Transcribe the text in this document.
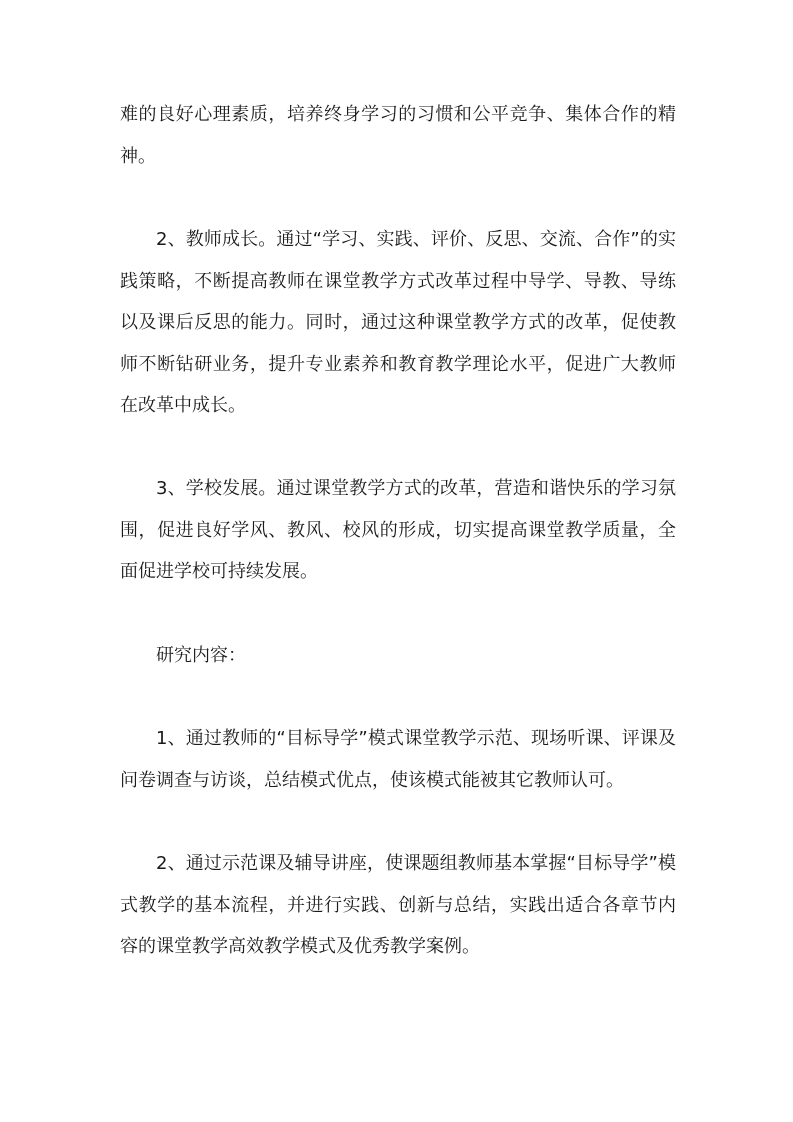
难的良好心理素质，培养终身学习的习惯和公平竞争、集体合作的精神。

2、教师成长。通过“学习、实践、评价、反思、交流、合作”的实践策略，不断提高教师在课堂教学方式改革过程中导学、导教、导练以及课后反思的能力。同时，通过这种课堂教学方式的改革，促使教师不断钻研业务，提升专业素养和教育教学理论水平，促进广大教师在改革中成长。

3、学校发展。通过课堂教学方式的改革，营造和谐快乐的学习氛围，促进良好学风、教风、校风的形成，切实提高课堂教学质量，全面促进学校可持续发展。

研究内容：

1、通过教师的“目标导学”模式课堂教学示范、现场听课、评课及问卷调查与访谈，总结模式优点，使该模式能被其它教师认可。

2、通过示范课及辅导讲座，使课题组教师基本掌握“目标导学”模式教学的基本流程，并进行实践、创新与总结，实践出适合各章节内容的课堂教学高效教学模式及优秀教学案例。
